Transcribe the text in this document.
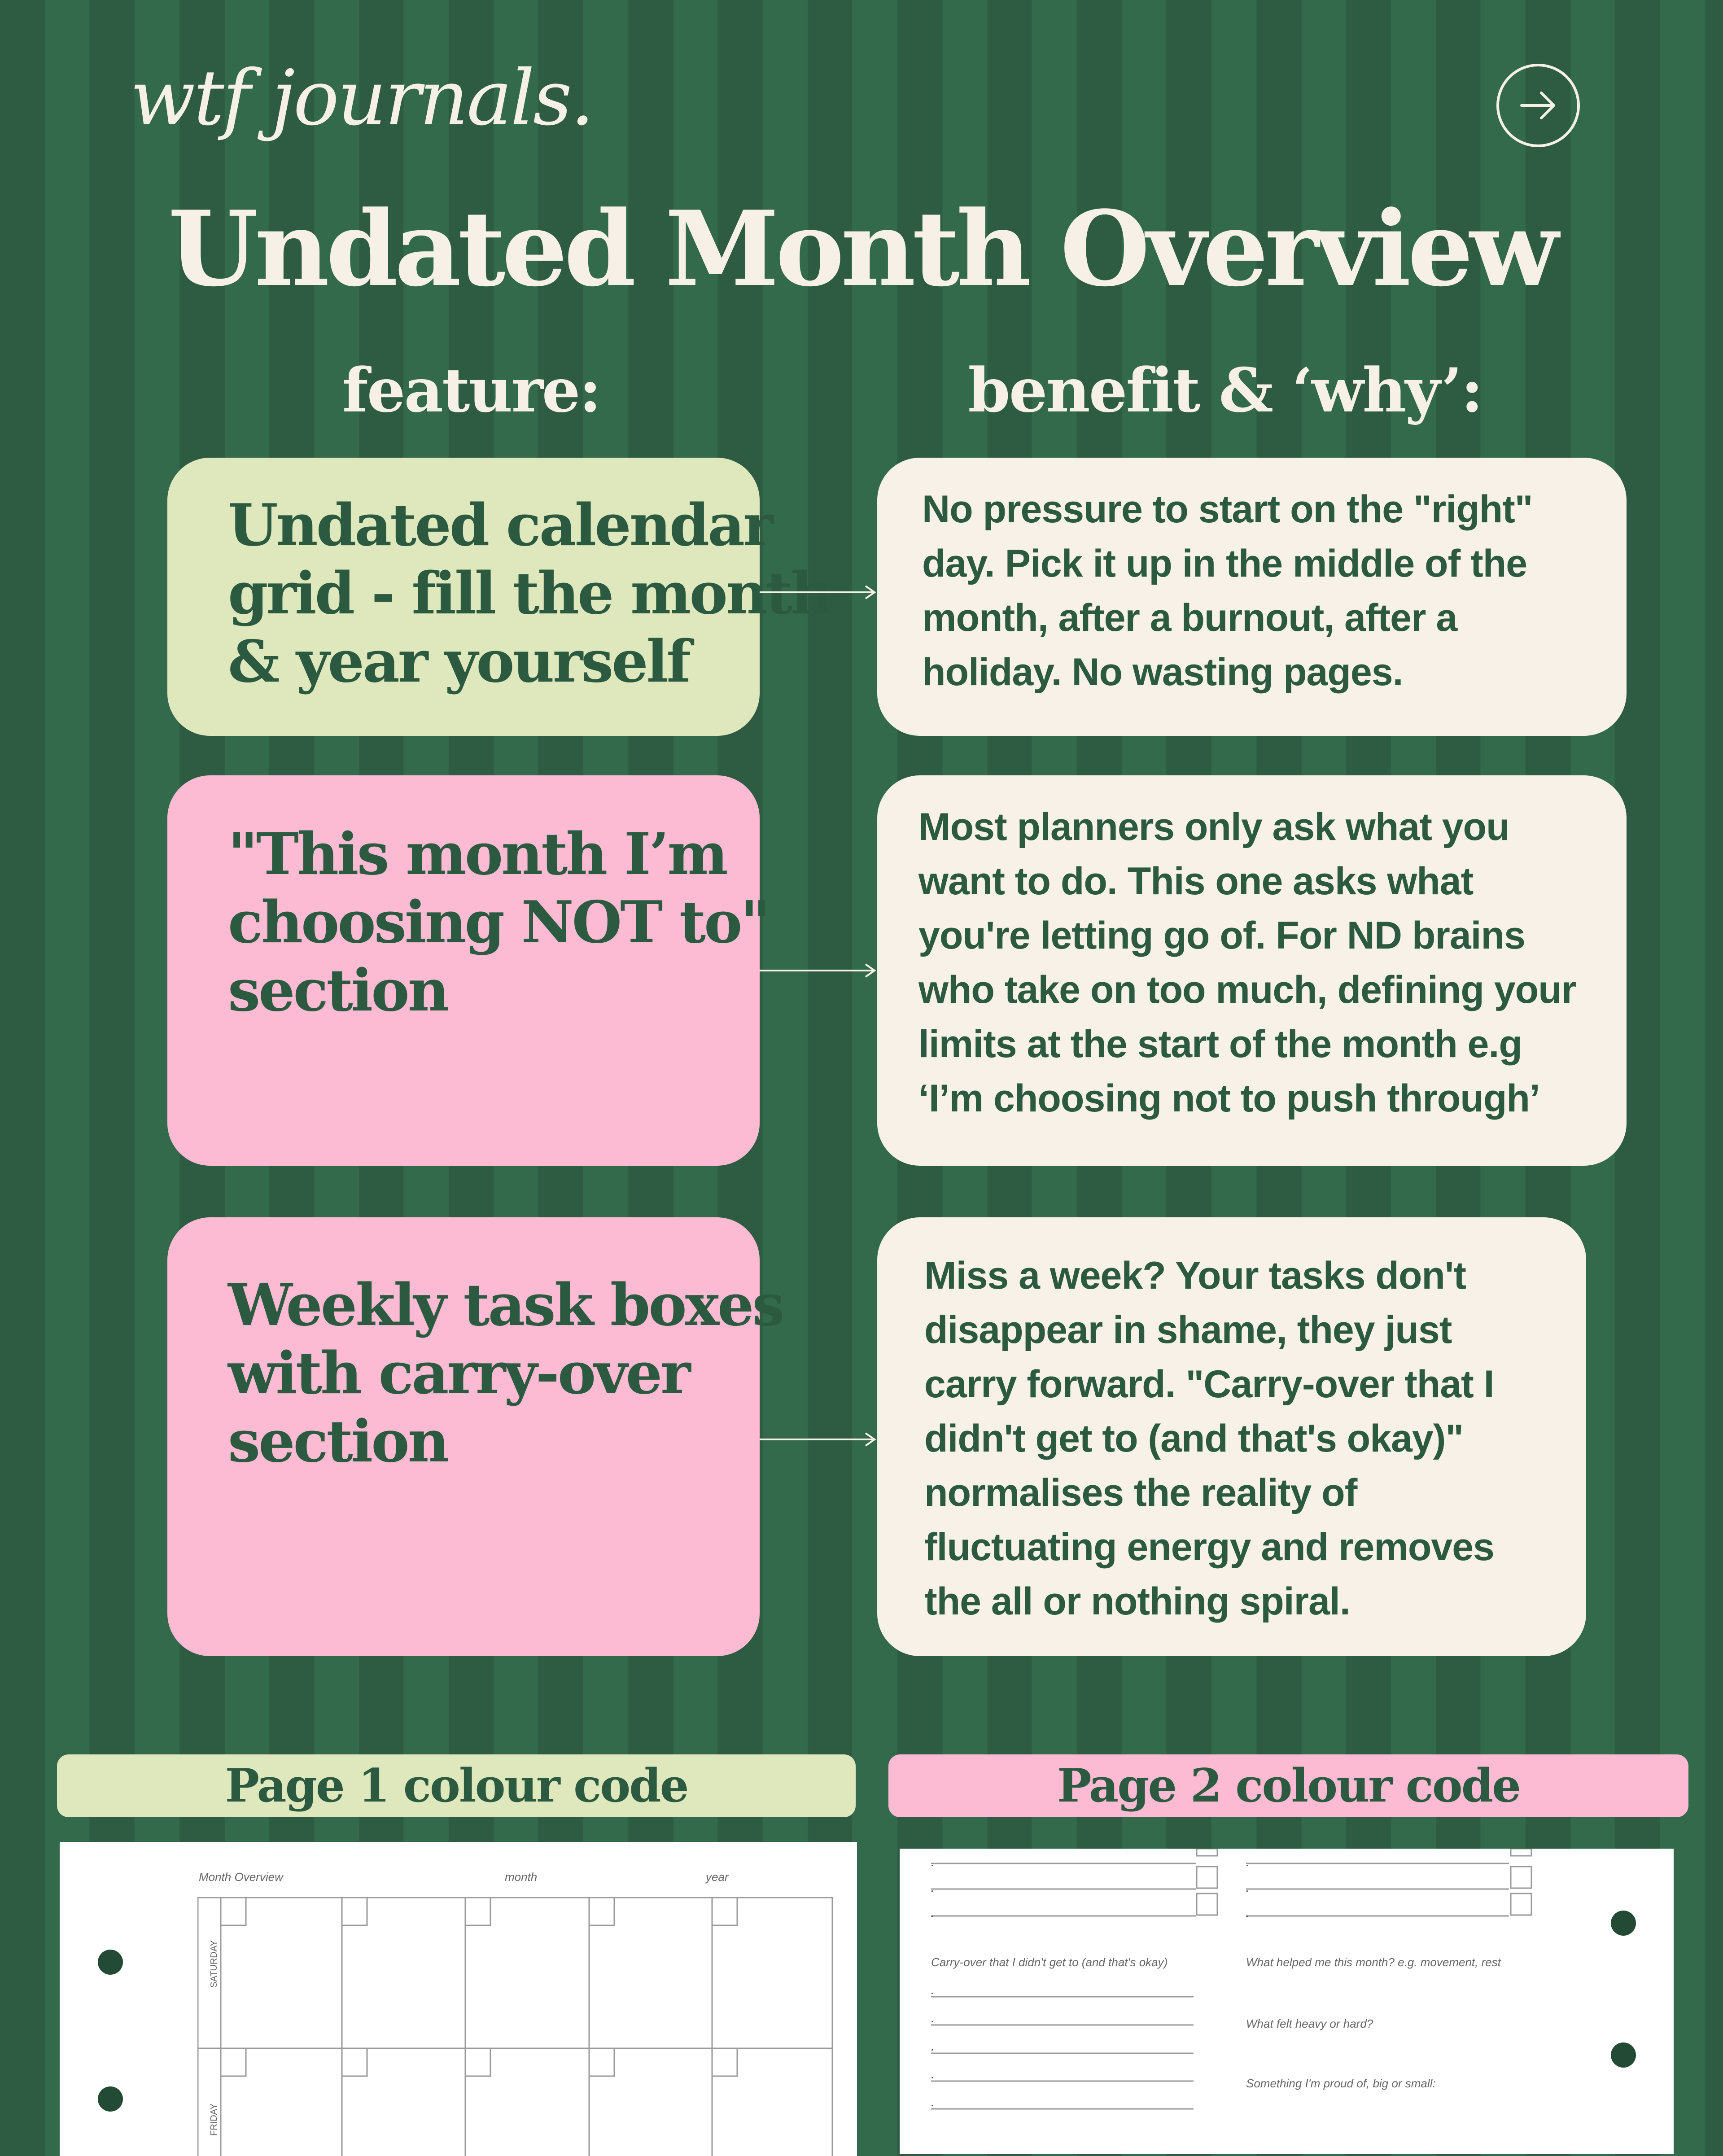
wtf journals.
Undated Month Overview
feature:	benefit & ‘why’:
Undated calendar
grid - fill the month
& year yourself
No pressure to start on the "right"
day. Pick it up in the middle of the
month, after a burnout, after a
holiday. No wasting pages.
"This month I’m
choosing NOT to"
section
Most planners only ask what you
want to do. This one asks what
you're letting go of. For ND brains
who take on too much, defining your
limits at the start of the month e.g
‘I’m choosing not to push through’
Weekly task boxes
with carry-over
section
Miss a week? Your tasks don't
disappear in shame, they just
carry forward. "Carry-over that I
didn't get to (and that's okay)"
normalises the reality of
fluctuating energy and removes
the all or nothing spiral.
Page 1 colour code	Page 2 colour code
Month Overview	month	year
SATURDAY
FRIDAY
.
.
.
.
.
.
Carry-over that I didn't get to (and that's okay)	What helped me this month? e.g. movement, rest
What felt heavy or hard?
Something I'm proud of, big or small:
.
.
.
.
.
